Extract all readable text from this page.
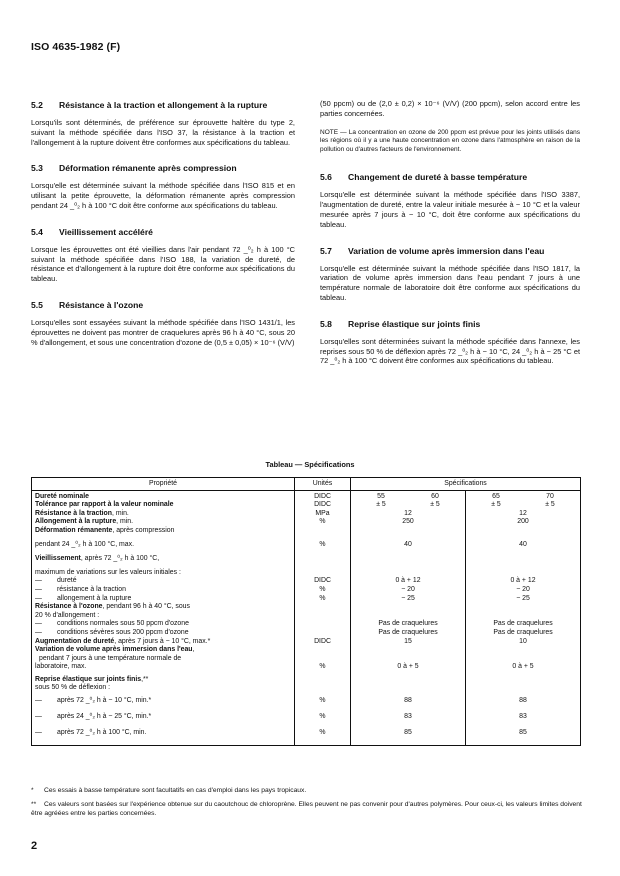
ISO 4635-1982 (F)
5.2	Résistance à la traction et allongement à la rupture

Lorsqu'ils sont déterminés, de préférence sur éprouvette haltère du type 2, suivant la méthode spécifiée dans l'ISO 37, la résistance à la traction et l'allongement à la rupture doivent être conformes aux spécifications du tableau.

5.3	Déformation rémanente après compression

Lorsqu'elle est déterminée suivant la méthode spécifiée dans l'ISO 815 et en utilisant la petite éprouvette, la déformation rémanente après compression pendant 24 _⁰₂ h à 100 °C doit être conforme aux spécifications du tableau.

5.4	Vieillissement accéléré

Lorsque les éprouvettes ont été vieillies dans l'air pendant 72 _⁰₂ h à 100 °C suivant la méthode spécifiée dans l'ISO 188, la variation de dureté, de résistance et d'allongement à la rupture doit être conforme aux spécifications du tableau.

5.5	Résistance à l'ozone

Lorsqu'elles sont essayées suivant la méthode spécifiée dans l'ISO 1431/1, les éprouvettes ne doivent pas montrer de craquelures après 96 h à 40 °C, sous 20 % d'allongement, et sous une concentration d'ozone de (0,5 ± 0,05) × 10⁻⁶ (V/V)

(50 ppcm) ou de (2,0 ± 0,2) × 10⁻⁶ (V/V) (200 ppcm), selon accord entre les parties concernées.

NOTE — La concentration en ozone de 200 ppcm est prévue pour les joints utilisés dans les régions où il y a une haute concentration en ozone dans l'atmosphère en raison de la pollution ou d'autres facteurs de l'environnement.

5.6	Changement de dureté à basse température

Lorsqu'elle est déterminée suivant la méthode spécifiée dans l'ISO 3387, l'augmentation de dureté, entre la valeur initiale mesurée à − 10 °C et la valeur mesurée après 7 jours à − 10 °C, doit être conforme aux spécifications du tableau.

5.7	Variation de volume après immersion dans l'eau

Lorsqu'elle est déterminée suivant la méthode spécifiée dans l'ISO 1817, la variation de volume après immersion dans l'eau pendant 7 jours à une température normale de laboratoire doit être conforme aux spécifications du tableau.

5.8	Reprise élastique sur joints finis

Lorsqu'elles sont déterminées suivant la méthode spécifiée dans l'annexe, les reprises sous 50 % de déflexion après 72 _⁰₂ h à − 10 °C, 24 _⁰₂ h à − 25 °C et 72 _⁰₂ h à 100 °C doivent être conformes aux spécifications du tableau.

Tableau — Spécifications
Propriété	Unités	Spécifications	
Dureté nominale	DIDC	55 60	65 70

Tolérance par rapport à la valeur nominale	DIDC	± 5 ± 5	± 5 ± 5

Résistance à la traction, min.	MPa	12	12
Allongement à la rupture, min.	%	250	200
Déformation rémanente, après compression
pendant 24 _⁰₂ h à 100 °C, max.	%	40	40
Vieillissement, après 72 _⁰₂ h à 100 °C,
maximum de variations sur les valeurs initiales :			

— dureté	DIDC	0 à + 12	0 à + 12
— résistance à la traction	%	− 20	− 20
— allongement à la rupture	%	− 25	− 25
Résistance à l'ozone, pendant 96 h à 40 °C, sous
20 % d'allongement :			

— conditions normales sous 50 ppcm d'ozone		Pas de craquelures	Pas de craquelures
— conditions sévères sous 200 ppcm d'ozone		Pas de craquelures	Pas de craquelures
Augmentation de dureté, après 7 jours à − 10 °C, max.*	DIDC	15	10
Variation de volume après immersion dans l'eau,
pendant 7 jours à une température normale de
laboratoire, max.	%	0 à + 5	0 à + 5
Reprise élastique sur joints finis,**
sous 50 % de déflexion :			

— après 72 _⁰₂ h à − 10 °C, min.*	%	88	88
— après 24 _⁰₂ h à − 25 °C, min.*	%	83	83
— après 72 _⁰₂ h à 100 °C, min.	%	85	85
* Ces essais à basse température sont facultatifs en cas d'emploi dans les pays tropicaux.
** Ces valeurs sont basées sur l'expérience obtenue sur du caoutchouc de chloroprène. Elles peuvent ne pas convenir pour d'autres polymères. Pour ceux-ci, les valeurs limites doivent être agréées entre les parties concernées.
2
